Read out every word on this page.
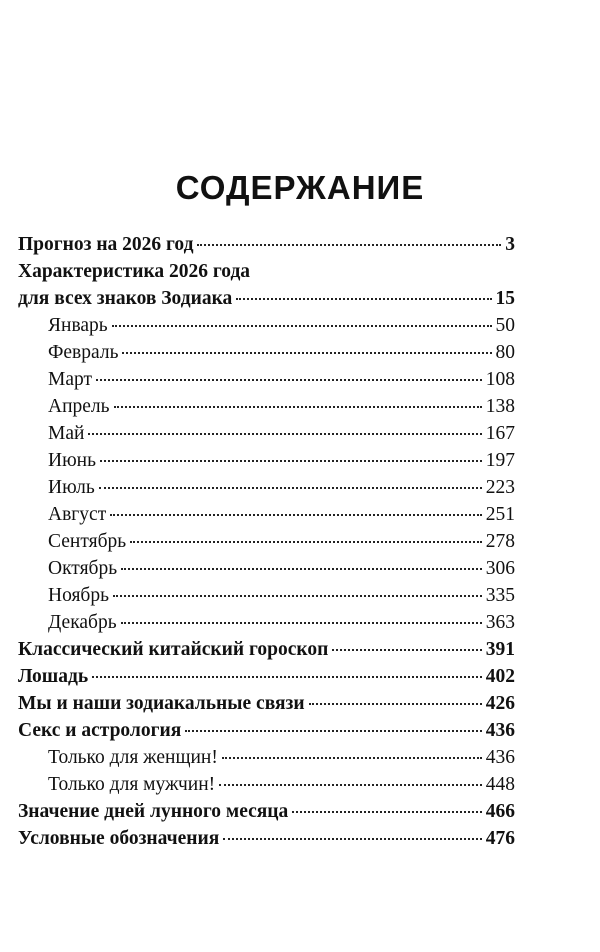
СОДЕРЖАНИЕ
Прогноз на 2026 год	3
Характеристика 2026 года
для всех знаков Зодиака	15
Январь	50
Февраль	80
Март	108
Апрель	138
Май	167
Июнь	197
Июль	223
Август	251
Сентябрь	278
Октябрь	306
Ноябрь	335
Декабрь	363
Классический китайский гороскоп	391
Лошадь	402
Мы и наши зодиакальные связи	426
Секс и астрология	436
Только для женщин!	436
Только для мужчин!	448
Значение дней лунного месяца	466
Условные обозначения	476
